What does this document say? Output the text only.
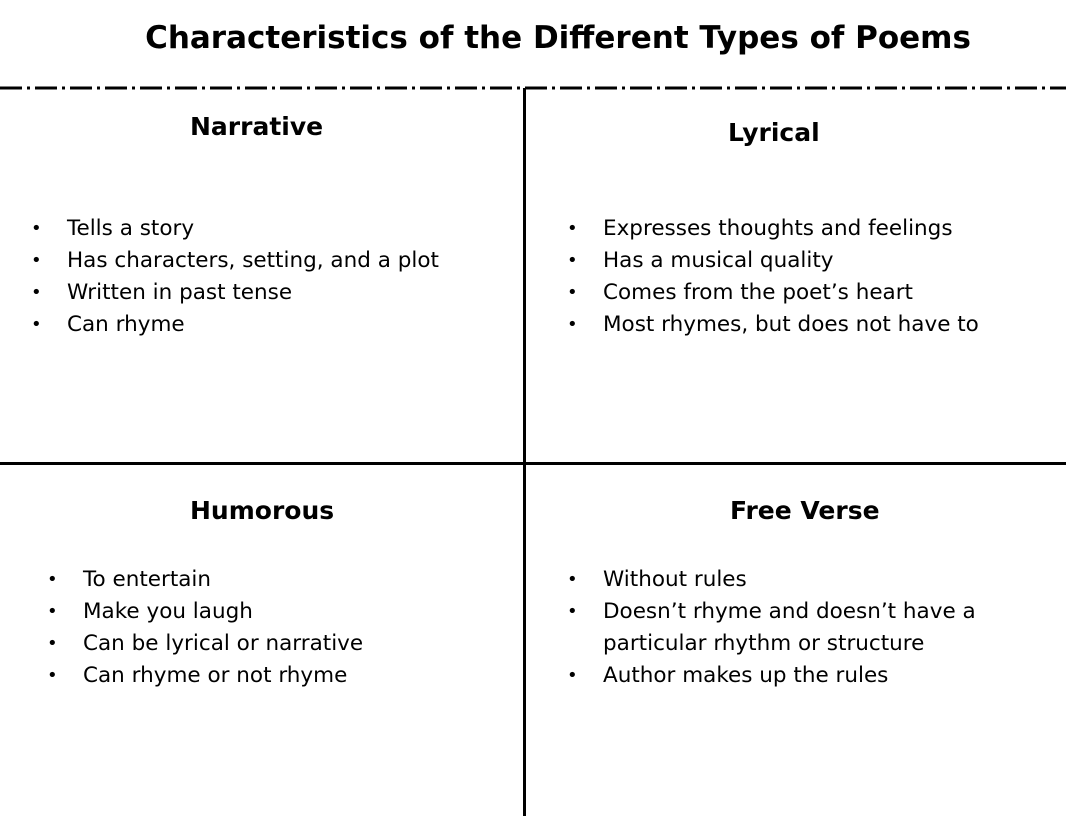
Characteristics of the Different Types of Poems
Narrative
• Tells a story
• Has characters, setting, and a plot
• Written in past tense
• Can rhyme
Lyrical
• Expresses thoughts and feelings
• Has a musical quality
• Comes from the poet’s heart
• Most rhymes, but does not have to
Humorous
• To entertain
• Make you laugh
• Can be lyrical or narrative
• Can rhyme or not rhyme
Free Verse
• Without rules
• Doesn’t rhyme and doesn’t have a particular rhythm or structure
• Author makes up the rules
